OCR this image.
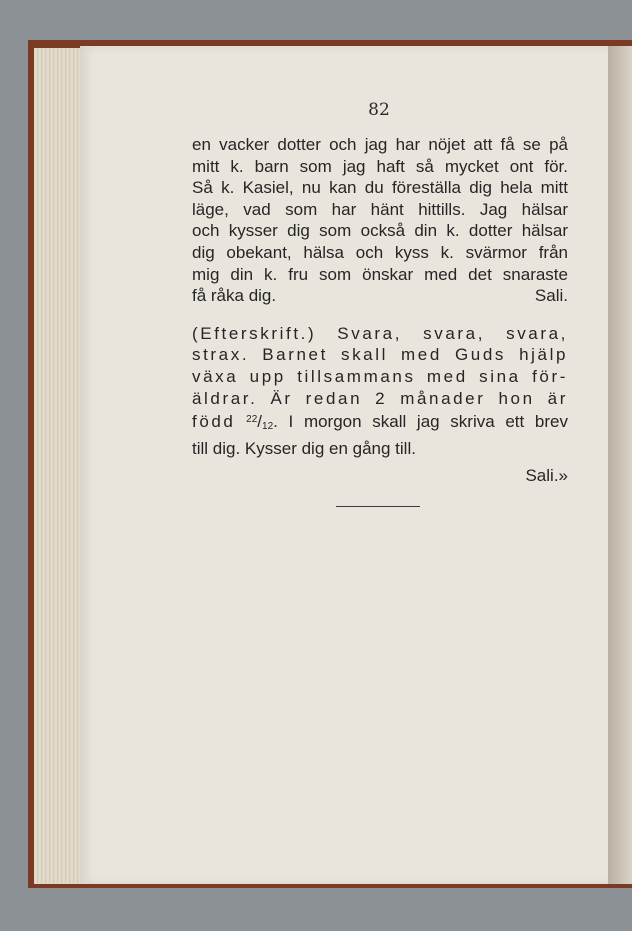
82

en vacker dotter och jag har nöjet att få se på
mitt k. barn som jag haft så mycket ont för.
Så k. Kasiel, nu kan du föreställa dig hela mitt
läge, vad som har hänt hittills. Jag hälsar
och kysser dig som också din k. dotter hälsar
dig obekant, hälsa och kyss k. svärmor från
mig din k. fru som önskar med det snaraste
få råka dig.	Sali.

(Efterskrift.) Svara, svara, svara,
strax. Barnet skall med Guds hjälp
växa upp tillsammans med sina för-
äldrar. Är redan 2 månader hon är
född $^{22}$/12. I morgon skall jag skriva ett brev
till dig. Kysser dig en gång till.
Sali.»
